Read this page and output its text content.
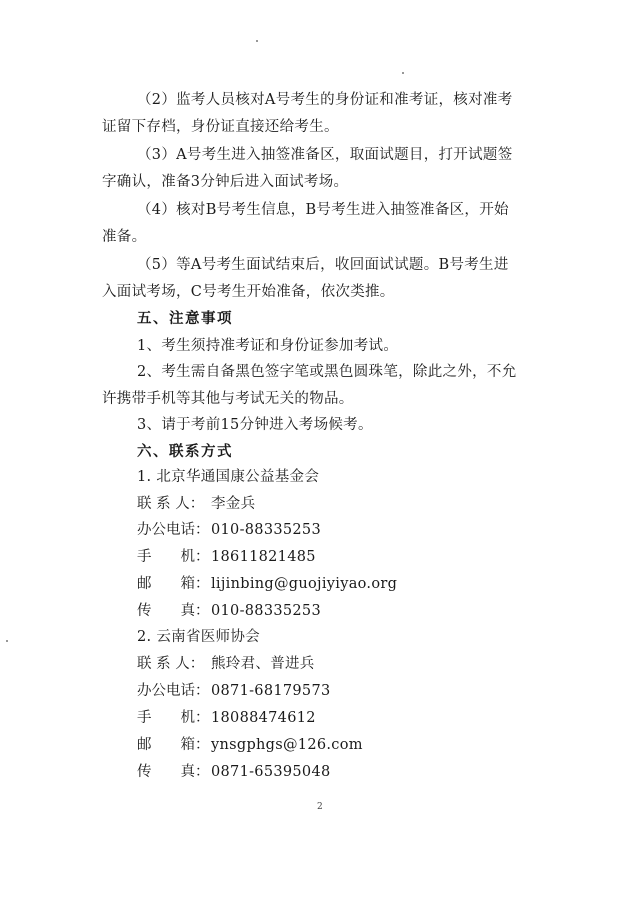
（2）监考人员核对A号考生的身份证和准考证，核对准考
证留下存档，身份证直接还给考生。
（3）A号考生进入抽签准备区，取面试题目，打开试题签
字确认，准备3分钟后进入面试考场。
（4）核对B号考生信息，B号考生进入抽签准备区，开始
准备。
（5）等A号考生面试结束后，收回面试试题。B号考生进
入面试考场，C号考生开始准备，依次类推。
五、注意事项
1、考生须持准考证和身份证参加考试。
2、考生需自备黑色签字笔或黑色圆珠笔，除此之外，不允
许携带手机等其他与考试无关的物品。
3、请于考前15分钟进入考场候考。
六、联系方式
1. 北京华通国康公益基金会
联 系 人： 李金兵
办公电话： 010-88335253
手　　机： 18611821485
邮　　箱： lijinbing@guojiyiyao.org
传　　真： 010-88335253
2. 云南省医师协会
联 系 人： 熊玲君、普进兵
办公电话： 0871-68179573
手　　机： 18088474612
邮　　箱： ynsgphgs@126.com
传　　真： 0871-65395048
2
